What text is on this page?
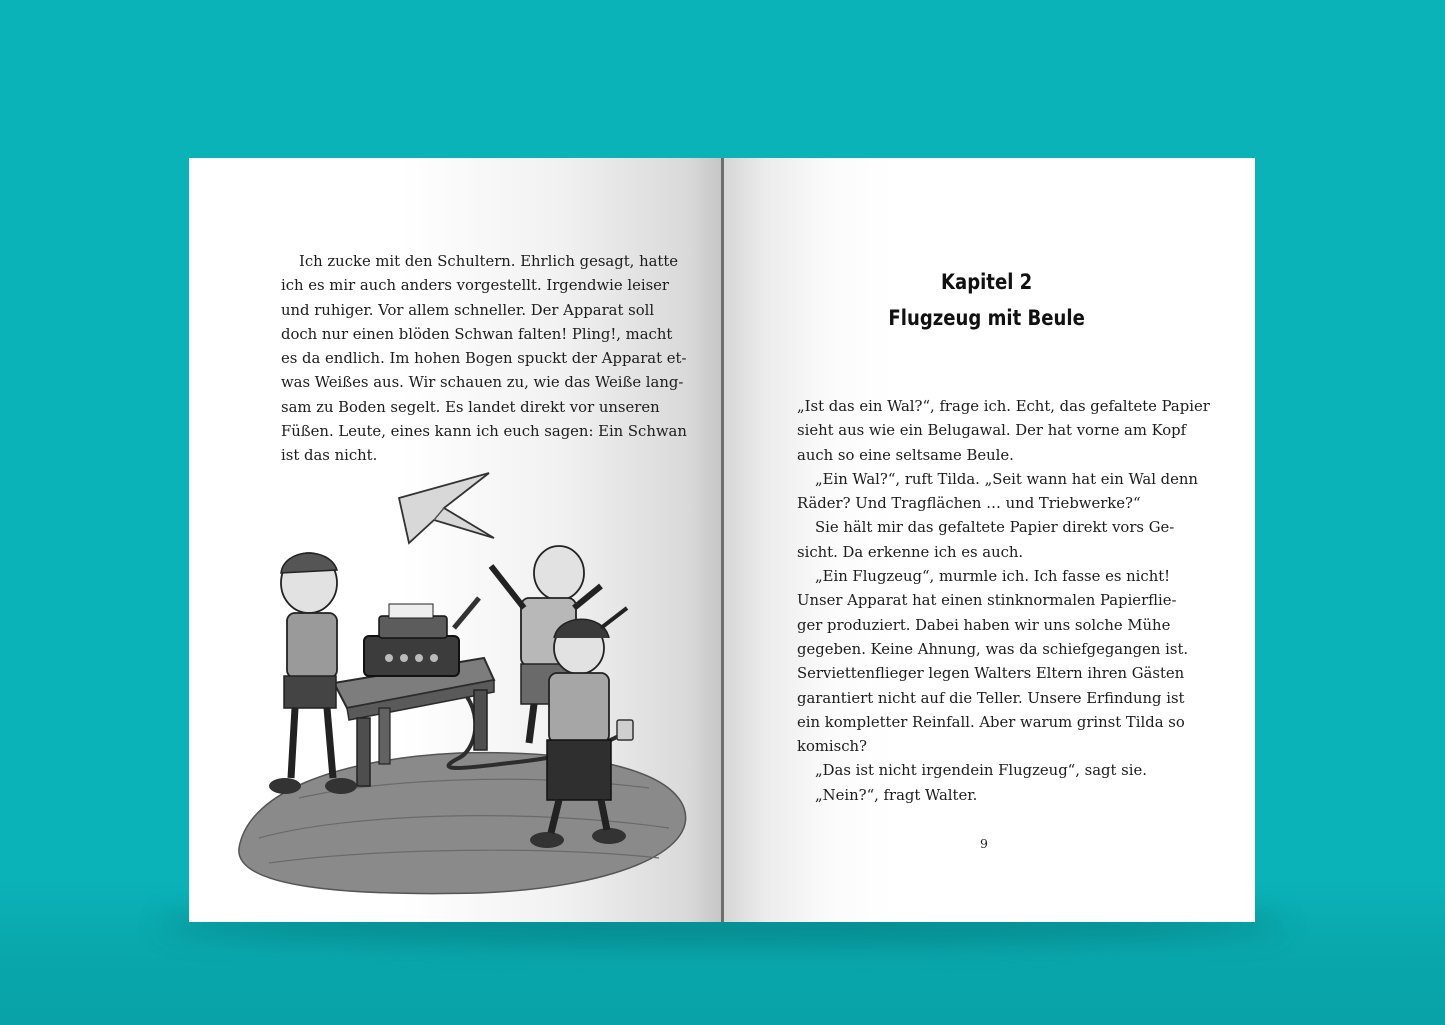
Ich zucke mit den Schultern. Ehrlich gesagt, hatte
ich es mir auch anders vorgestellt. Irgendwie leiser
und ruhiger. Vor allem schneller. Der Apparat soll
doch nur einen blöden Schwan falten! Pling!, macht
es da endlich. Im hohen Bogen spuckt der Apparat et-
was Weißes aus. Wir schauen zu, wie das Weiße lang-
sam zu Boden segelt. Es landet direkt vor unseren
Füßen. Leute, eines kann ich euch sagen: Ein Schwan
ist das nicht.
Kapitel 2
Flugzeug mit Beule
„Ist das ein Wal?“, frage ich. Echt, das gefaltete Papier
sieht aus wie ein Belugawal. Der hat vorne am Kopf
auch so eine seltsame Beule.
„Ein Wal?“, ruft Tilda. „Seit wann hat ein Wal denn
Räder? Und Tragflächen … und Triebwerke?“
Sie hält mir das gefaltete Papier direkt vors Ge-
sicht. Da erkenne ich es auch.
„Ein Flugzeug“, murmle ich. Ich fasse es nicht!
Unser Apparat hat einen stinknormalen Papierflie-
ger produziert. Dabei haben wir uns solche Mühe
gegeben. Keine Ahnung, was da schiefgegangen ist.
Serviettenflieger legen Walters Eltern ihren Gästen
garantiert nicht auf die Teller. Unsere Erfindung ist
ein kompletter Reinfall. Aber warum grinst Tilda so
komisch?
„Das ist nicht irgendein Flugzeug“, sagt sie.
„Nein?“, fragt Walter.
9
